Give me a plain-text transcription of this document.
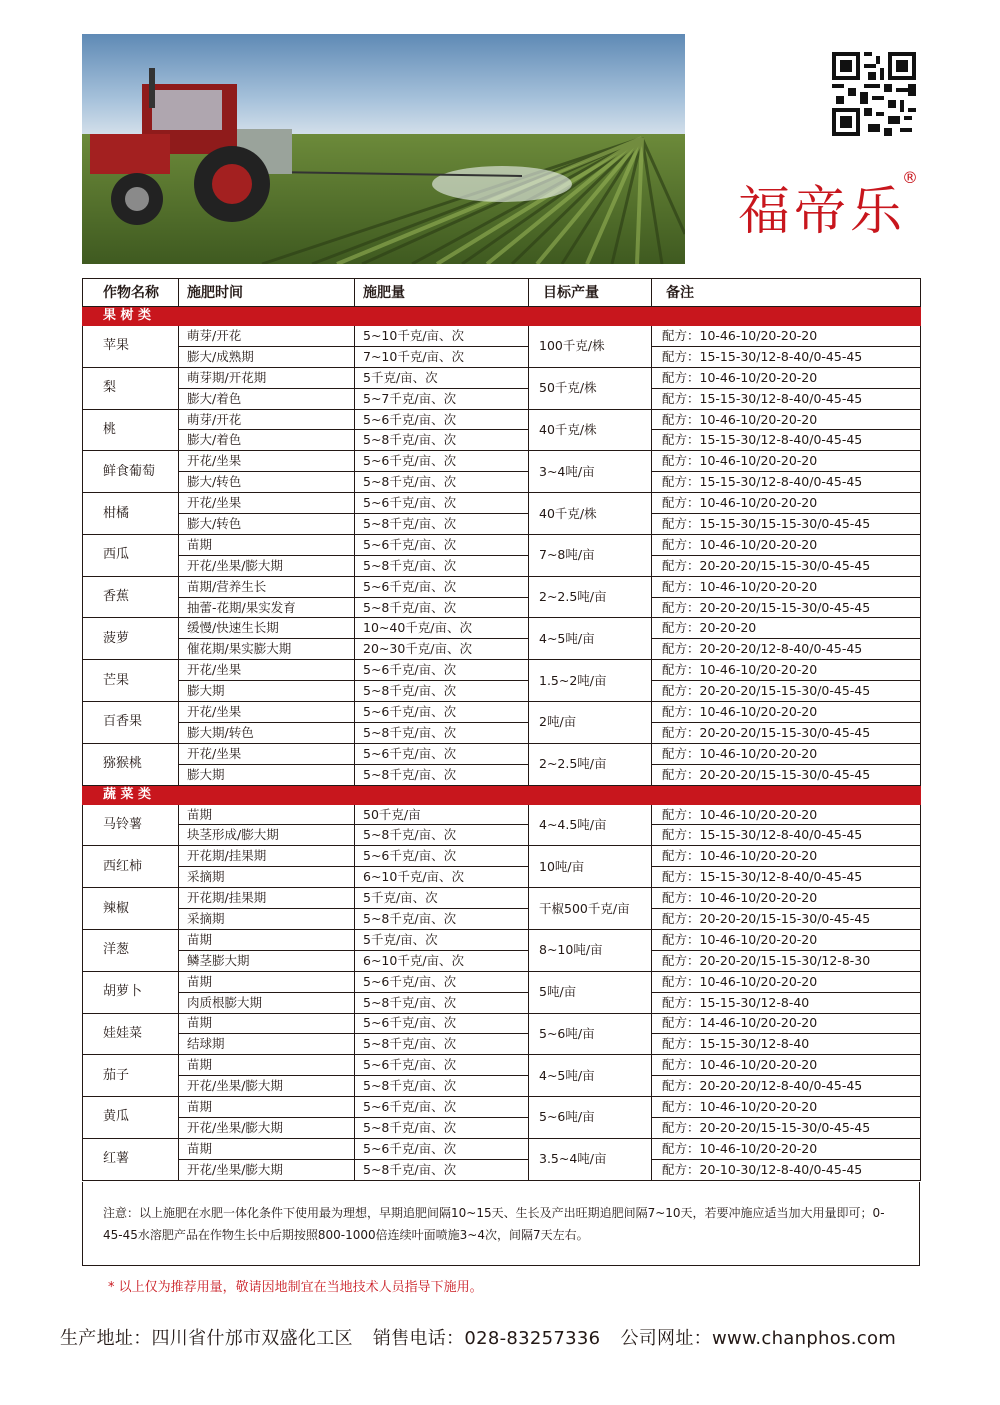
福帝乐
®
作物名称	施肥时间	施肥量	目标产量	备注
果 树 类				
苹果	萌芽/开花	5~10千克/亩、次	100千克/株	配方：10-46-10/20-20-20
	膨大/成熟期	7~10千克/亩、次		配方：15-15-30/12-8-40/0-45-45
梨	萌芽期/开花期	5千克/亩、次	50千克/株	配方：10-46-10/20-20-20
	膨大/着色	5~7千克/亩、次		配方：15-15-30/12-8-40/0-45-45
桃	萌芽/开花	5~6千克/亩、次	40千克/株	配方：10-46-10/20-20-20
	膨大/着色	5~8千克/亩、次		配方：15-15-30/12-8-40/0-45-45
鲜食葡萄	开花/坐果	5~6千克/亩、次	3~4吨/亩	配方：10-46-10/20-20-20
	膨大/转色	5~8千克/亩、次		配方：15-15-30/12-8-40/0-45-45
柑橘	开花/坐果	5~6千克/亩、次	40千克/株	配方：10-46-10/20-20-20
	膨大/转色	5~8千克/亩、次		配方：15-15-30/15-15-30/0-45-45
西瓜	苗期	5~6千克/亩、次	7~8吨/亩	配方：10-46-10/20-20-20
	开花/坐果/膨大期	5~8千克/亩、次		配方：20-20-20/15-15-30/0-45-45
香蕉	苗期/营养生长	5~6千克/亩、次	2~2.5吨/亩	配方：10-46-10/20-20-20
	抽蕾-花期/果实发育	5~8千克/亩、次		配方：20-20-20/15-15-30/0-45-45
菠萝	缓慢/快速生长期	10~40千克/亩、次	4~5吨/亩	配方：20-20-20
	催花期/果实膨大期	20~30千克/亩、次		配方：20-20-20/12-8-40/0-45-45
芒果	开花/坐果	5~6千克/亩、次	1.5~2吨/亩	配方：10-46-10/20-20-20
	膨大期	5~8千克/亩、次		配方：20-20-20/15-15-30/0-45-45
百香果	开花/坐果	5~6千克/亩、次	2吨/亩	配方：10-46-10/20-20-20
	膨大期/转色	5~8千克/亩、次		配方：20-20-20/15-15-30/0-45-45
猕猴桃	开花/坐果	5~6千克/亩、次	2~2.5吨/亩	配方：10-46-10/20-20-20
	膨大期	5~8千克/亩、次		配方：20-20-20/15-15-30/0-45-45
蔬 菜 类				
马铃薯	苗期	50千克/亩	4~4.5吨/亩	配方：10-46-10/20-20-20
	块茎形成/膨大期	5~8千克/亩、次		配方：15-15-30/12-8-40/0-45-45
西红柿	开花期/挂果期	5~6千克/亩、次	10吨/亩	配方：10-46-10/20-20-20
	采摘期	6~10千克/亩、次		配方：15-15-30/12-8-40/0-45-45
辣椒	开花期/挂果期	5千克/亩、次	干椒500千克/亩	配方：10-46-10/20-20-20
	采摘期	5~8千克/亩、次		配方：20-20-20/15-15-30/0-45-45
洋葱	苗期	5千克/亩、次	8~10吨/亩	配方：10-46-10/20-20-20
	鳞茎膨大期	6~10千克/亩、次		配方：20-20-20/15-15-30/12-8-30
胡萝卜	苗期	5~6千克/亩、次	5吨/亩	配方：10-46-10/20-20-20
	肉质根膨大期	5~8千克/亩、次		配方：15-15-30/12-8-40
娃娃菜	苗期	5~6千克/亩、次	5~6吨/亩	配方：14-46-10/20-20-20
	结球期	5~8千克/亩、次		配方：15-15-30/12-8-40
茄子	苗期	5~6千克/亩、次	4~5吨/亩	配方：10-46-10/20-20-20
	开花/坐果/膨大期	5~8千克/亩、次		配方：20-20-20/12-8-40/0-45-45
黄瓜	苗期	5~6千克/亩、次	5~6吨/亩	配方：10-46-10/20-20-20
	开花/坐果/膨大期	5~8千克/亩、次		配方：20-20-20/15-15-30/0-45-45
红薯	苗期	5~6千克/亩、次	3.5~4吨/亩	配方：10-46-10/20-20-20
	开花/坐果/膨大期	5~8千克/亩、次		配方：20-10-30/12-8-40/0-45-45
注意：以上施肥在水肥一体化条件下使用最为理想，早期追肥间隔10~15天、生长及产出旺期追肥间隔7~10天，若要冲施应适当加大用量即可；0-45-45水溶肥产品在作物生长中后期按照800-1000倍连续叶面喷施3~4次，间隔7天左右。
* 以上仅为推荐用量，敬请因地制宜在当地技术人员指导下施用。
生产地址：四川省什邡市双盛化工区 销售电话：028-83257336 公司网址：www.chanphos.com
